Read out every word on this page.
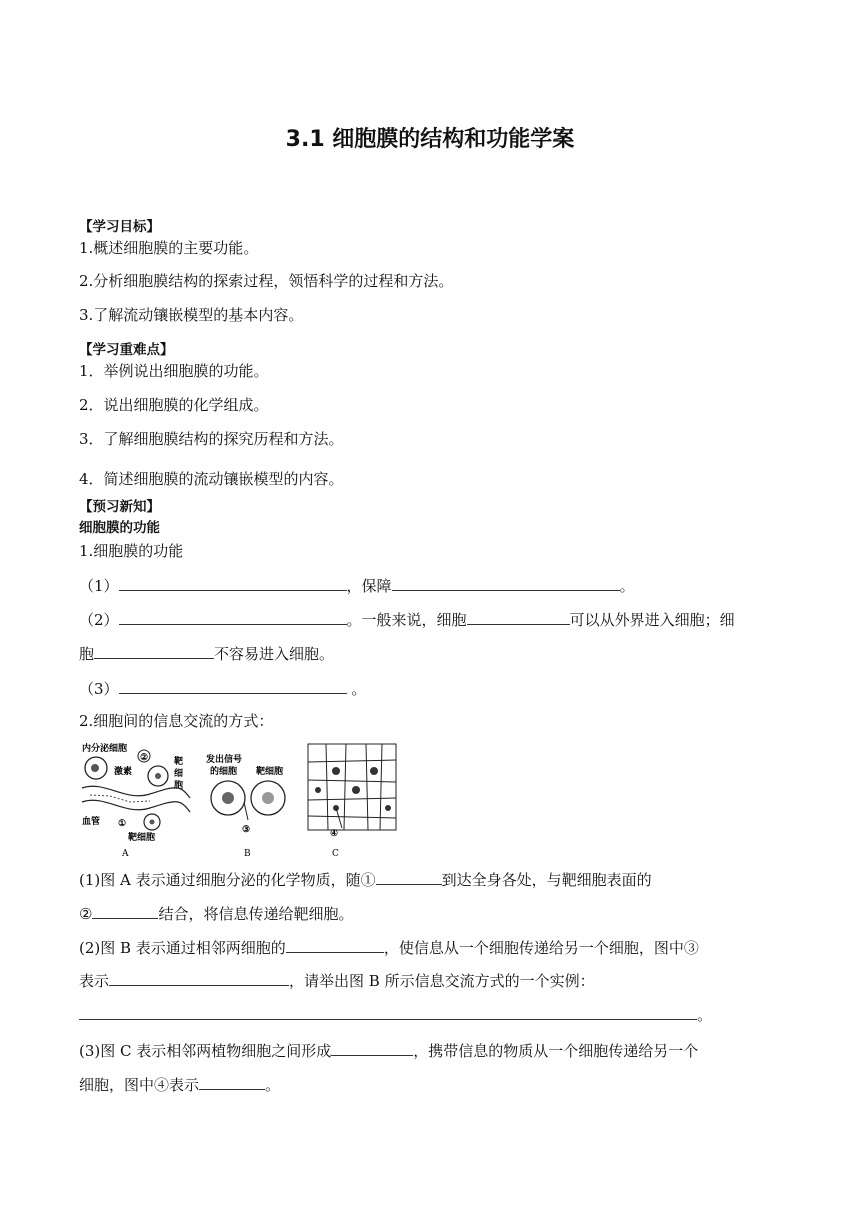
3.1 细胞膜的结构和功能学案
【学习目标】
1.概述细胞膜的主要功能。
2.分析细胞膜结构的探索过程，领悟科学的过程和方法。
3.了解流动镶嵌模型的基本内容。
【学习重难点】
1．举例说出细胞膜的功能。
2．说出细胞膜的化学组成。
3．了解细胞膜结构的探究历程和方法。
4．简述细胞膜的流动镶嵌模型的内容。
【预习新知】
细胞膜的功能
1.细胞膜的功能
（1）	，保障	。
（2）	。一般来说，细胞	可以从外界进入细胞；细
胞	不容易进入细胞。
（3）	。
2.细胞间的信息交流的方式：
内分泌细胞
②
激素
靶
细
胞
血管 ①
靶细胞
A
发出信号
的细胞 靶细胞
③
B
④
C
(1)图 A 表示通过细胞分泌的化学物质，随①	到达全身各处，与靶细胞表面的
②	结合，将信息传递给靶细胞。
(2)图 B 表示通过相邻两细胞的	，使信息从一个细胞传递给另一个细胞，图中③
表示	，请举出图 B 所示信息交流方式的一个实例：
。
(3)图 C 表示相邻两植物细胞之间形成	，携带信息的物质从一个细胞传递给另一个
细胞，图中④表示	。
